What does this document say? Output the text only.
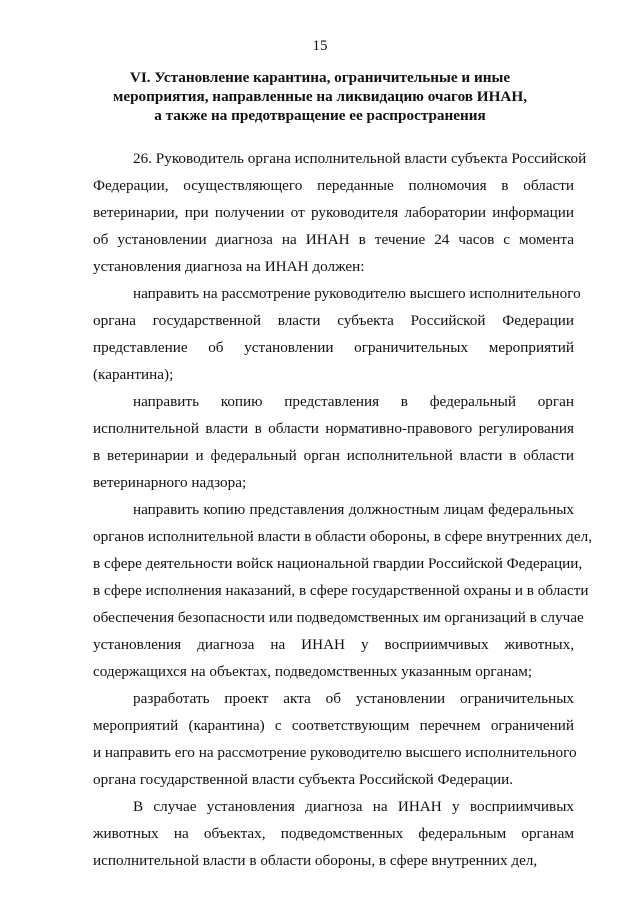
15
VI. Установление карантина, ограничительные и иные
мероприятия, направленные на ликвидацию очагов ИНАН,
а также на предотвращение ее распространения

26. Руководитель органа исполнительной власти субъекта Российской
Федерации, осуществляющего переданные полномочия в области
ветеринарии, при получении от руководителя лаборатории информации
об установлении диагноза на ИНАН в течение 24 часов с момента
установления диагноза на ИНАН должен:

направить на рассмотрение руководителю высшего исполнительного
органа государственной власти субъекта Российской Федерации
представление об установлении ограничительных мероприятий
(карантина);

направить копию представления в федеральный орган
исполнительной власти в области нормативно-правового регулирования
в ветеринарии и федеральный орган исполнительной власти в области
ветеринарного надзора;

направить копию представления должностным лицам федеральных
органов исполнительной власти в области обороны, в сфере внутренних дел,
в сфере деятельности войск национальной гвардии Российской Федерации,
в сфере исполнения наказаний, в сфере государственной охраны и в области
обеспечения безопасности или подведомственных им организаций в случае
установления диагноза на ИНАН у восприимчивых животных,
содержащихся на объектах, подведомственных указанным органам;

разработать проект акта об установлении ограничительных
мероприятий (карантина) с соответствующим перечнем ограничений
и направить его на рассмотрение руководителю высшего исполнительного
органа государственной власти субъекта Российской Федерации.

В случае установления диагноза на ИНАН у восприимчивых
животных на объектах, подведомственных федеральным органам
исполнительной власти в области обороны, в сфере внутренних дел,
